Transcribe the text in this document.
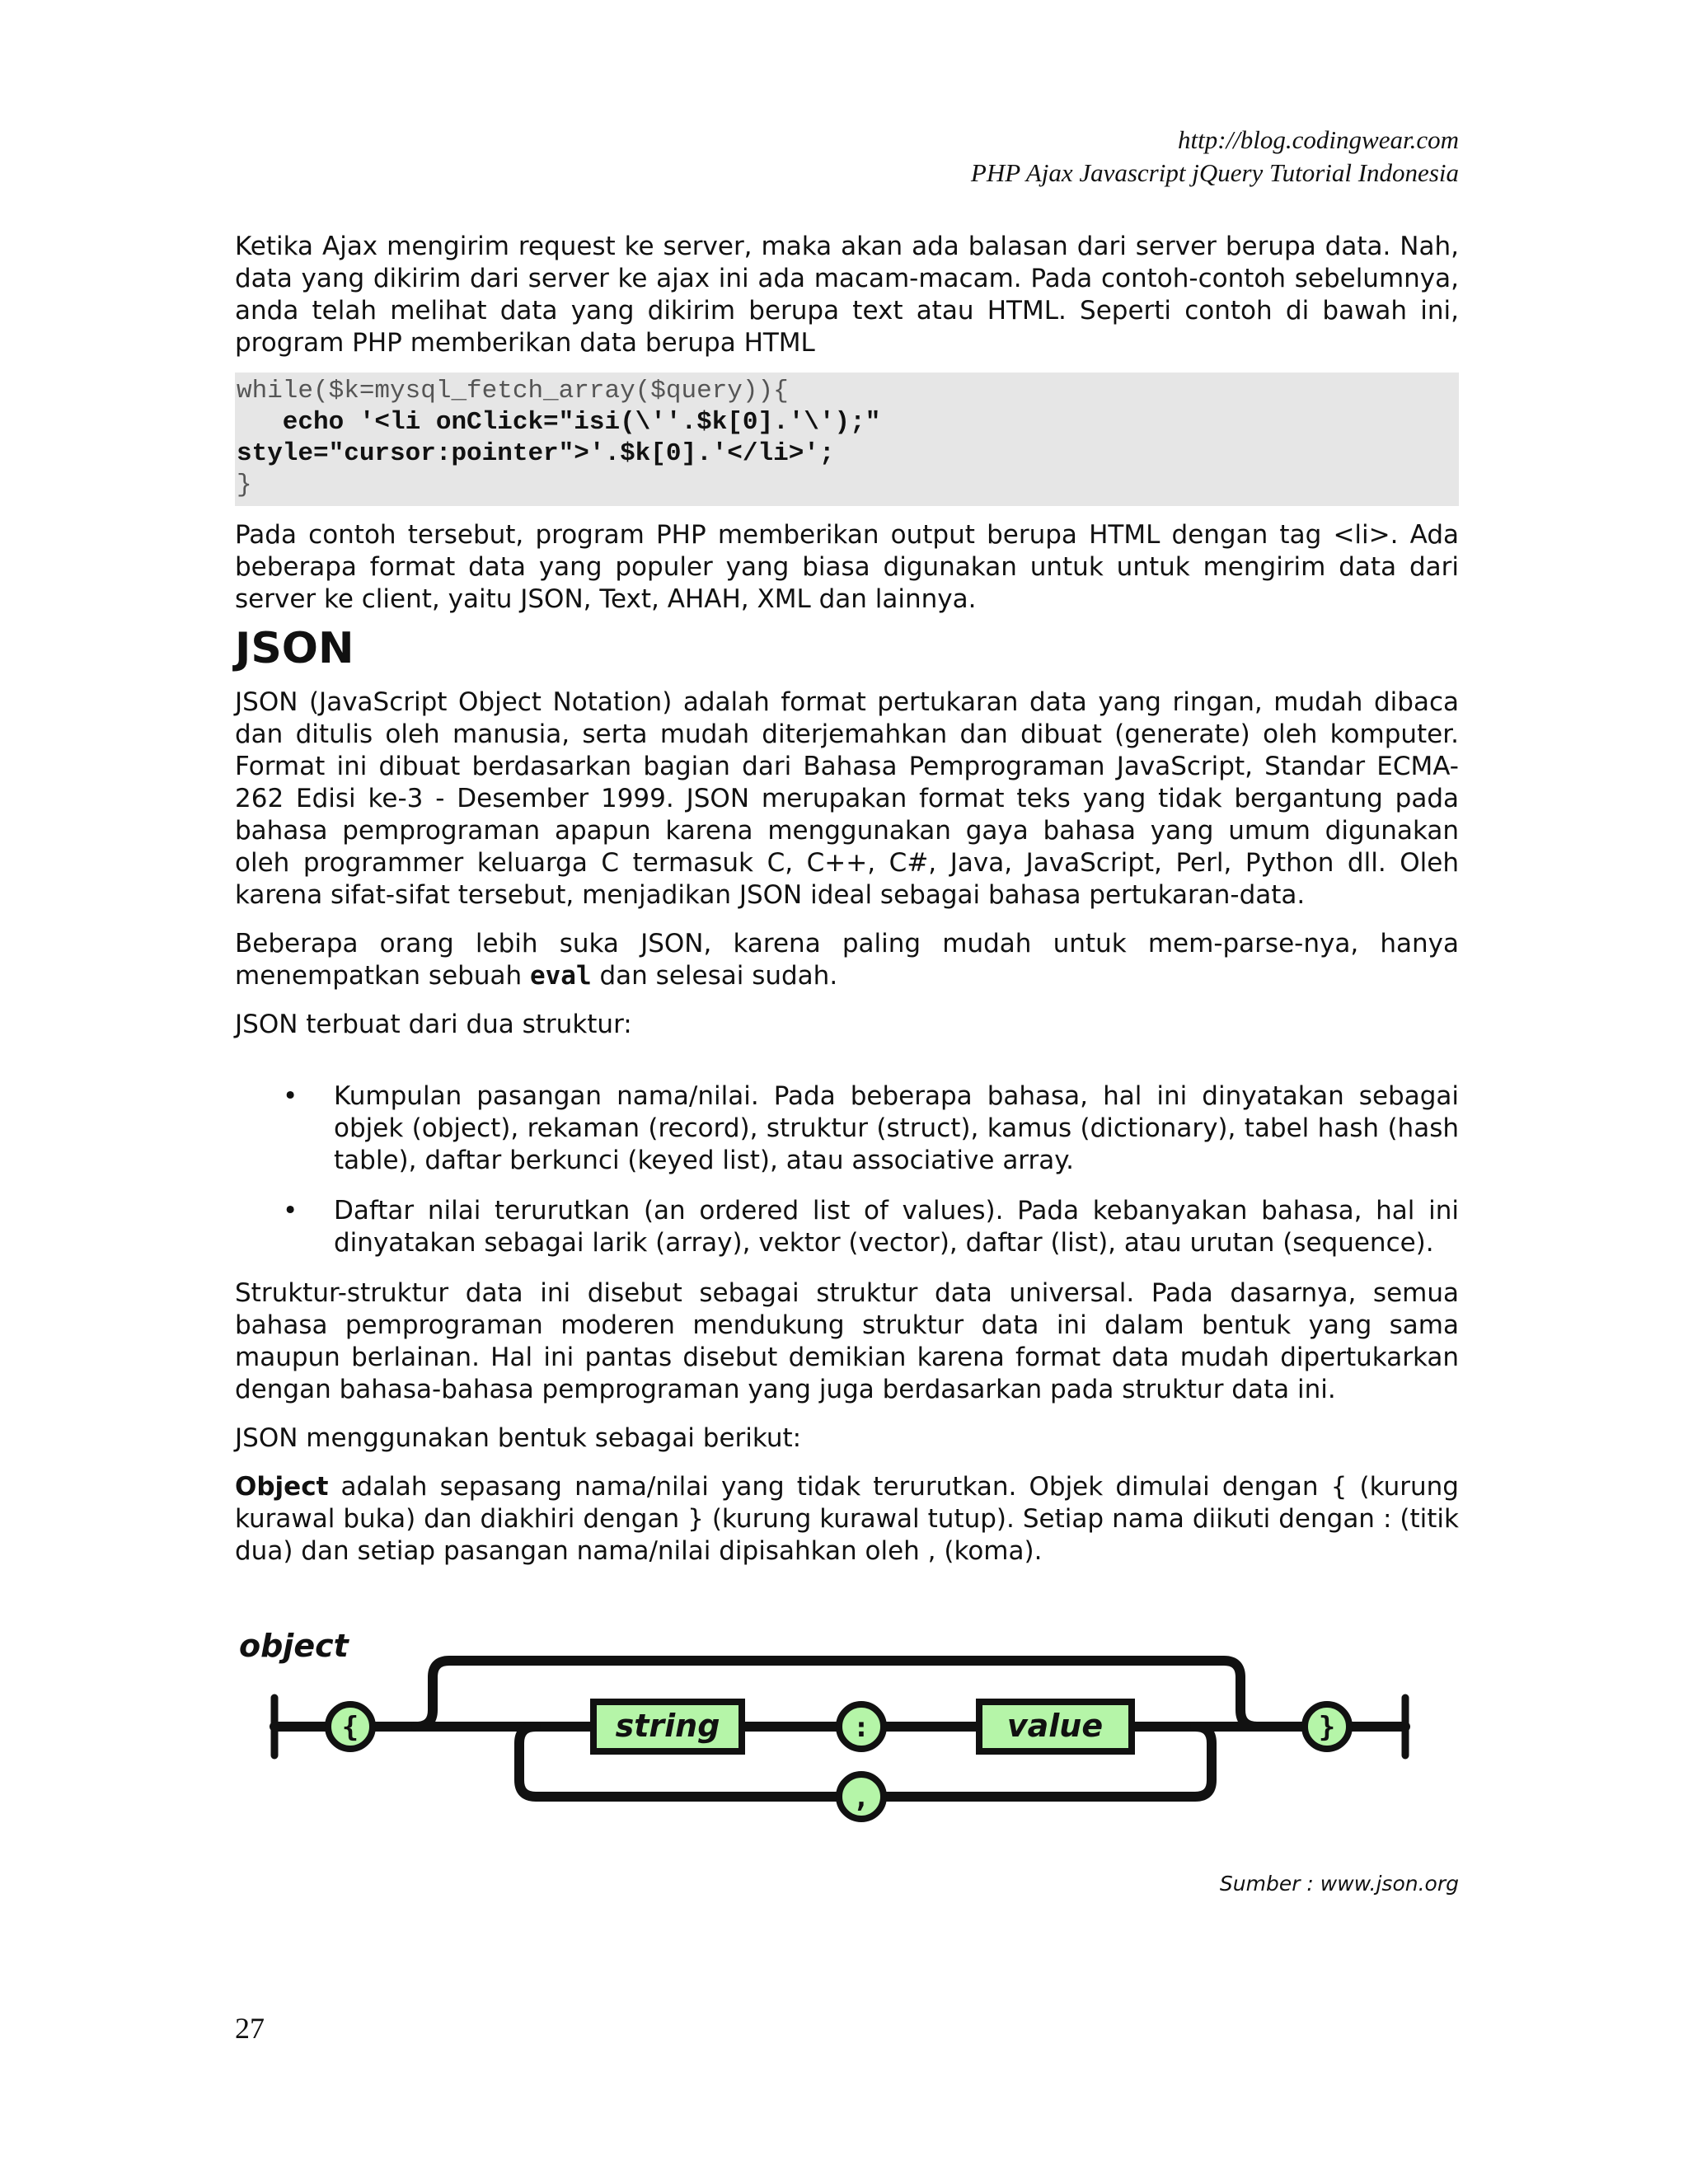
http://blog.codingwear.com
PHP Ajax Javascript jQuery Tutorial Indonesia

Ketika Ajax mengirim request ke server, maka akan ada balasan dari server berupa data. Nah, data yang dikirim dari server ke ajax ini ada macam-macam. Pada contoh-contoh sebelumnya, anda telah melihat data yang dikirim berupa text atau HTML. Seperti contoh di bawah ini, program PHP memberikan data berupa HTML

while($k=mysql_fetch_array($query)){
echo '<li onClick="isi(\''.$k[0].'\');"
style="cursor:pointer">'.$k[0].'</li>';
}

Pada contoh tersebut, program PHP memberikan output berupa HTML dengan tag <li>. Ada beberapa format data yang populer yang biasa digunakan untuk untuk mengirim data dari server ke client, yaitu JSON, Text, AHAH, XML dan lainnya.

JSON

JSON (JavaScript Object Notation) adalah format pertukaran data yang ringan, mudah dibaca dan ditulis oleh manusia, serta mudah diterjemahkan dan dibuat (generate) oleh komputer. Format ini dibuat berdasarkan bagian dari Bahasa Pemprograman JavaScript, Standar ECMA-262 Edisi ke-3 - Desember 1999. JSON merupakan format teks yang tidak bergantung pada bahasa pemprograman apapun karena menggunakan gaya bahasa yang umum digunakan oleh programmer keluarga C termasuk C, C++, C#, Java, JavaScript, Perl, Python dll. Oleh karena sifat-sifat tersebut, menjadikan JSON ideal sebagai bahasa pertukaran-data.

Beberapa orang lebih suka JSON, karena paling mudah untuk mem-parse-nya, hanya
menempatkan sebuah eval dan selesai sudah.

JSON terbuat dari dua struktur:

• Kumpulan pasangan nama/nilai. Pada beberapa bahasa, hal ini dinyatakan sebagai objek (object), rekaman (record), struktur (struct), kamus (dictionary), tabel hash (hash table), daftar berkunci (keyed list), atau associative array.
• Daftar nilai terurutkan (an ordered list of values). Pada kebanyakan bahasa, hal ini dinyatakan sebagai larik (array), vektor (vector), daftar (list), atau urutan (sequence).

Struktur-struktur data ini disebut sebagai struktur data universal. Pada dasarnya, semua bahasa pemprograman moderen mendukung struktur data ini dalam bentuk yang sama maupun berlainan. Hal ini pantas disebut demikian karena format data mudah dipertukarkan dengan bahasa-bahasa pemprograman yang juga berdasarkan pada struktur data ini.

JSON menggunakan bentuk sebagai berikut:

Object adalah sepasang nama/nilai yang tidak terurutkan. Objek dimulai dengan { (kurung kurawal buka) dan diakhiri dengan } (kurung kurawal tutup). Setiap nama diikuti dengan : (titik dua) dan setiap pasangan nama/nilai dipisahkan oleh , (koma).

object
{	string	:	value
,
}
Sumber : www.json.org
27
